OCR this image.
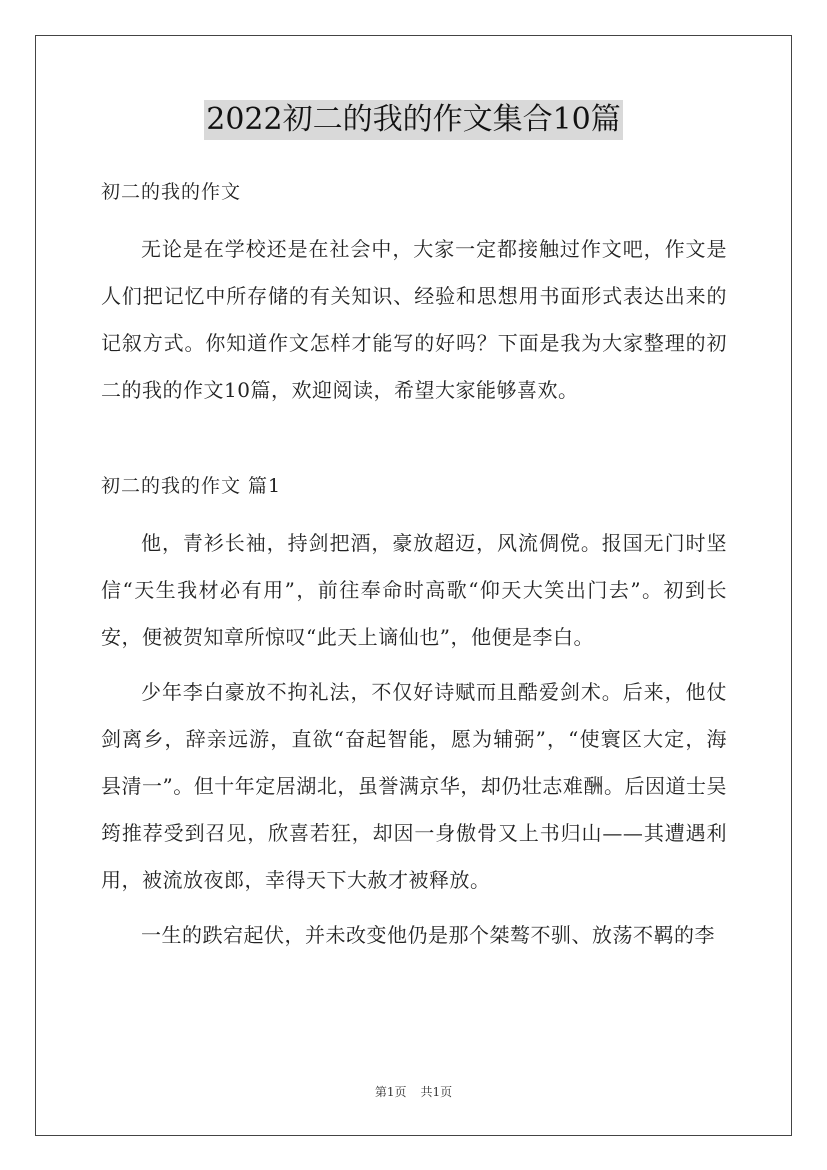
2022初二的我的作文集合10篇

初二的我的作文

无论是在学校还是在社会中，大家一定都接触过作文吧，作文是人们把记忆中所存储的有关知识、经验和思想用书面形式表达出来的记叙方式。你知道作文怎样才能写的好吗？下面是我为大家整理的初二的我的作文10篇，欢迎阅读，希望大家能够喜欢。

初二的我的作文 篇1

他，青衫长袖，持剑把酒，豪放超迈，风流倜傥。报国无门时坚信“天生我材必有用”，前往奉命时高歌“仰天大笑出门去”。初到长安，便被贺知章所惊叹“此天上谪仙也”，他便是李白。

少年李白豪放不拘礼法，不仅好诗赋而且酷爱剑术。后来，他仗剑离乡，辞亲远游，直欲“奋起智能，愿为辅弼”，“使寰区大定，海县清一”。但十年定居湖北，虽誉满京华，却仍壮志难酬。后因道士吴筠推荐受到召见，欣喜若狂，却因一身傲骨又上书归山——其遭遇利用，被流放夜郎，幸得天下大赦才被释放。

一生的跌宕起伏，并未改变他仍是那个桀骜不驯、放荡不羁的李

第1页 共1页
